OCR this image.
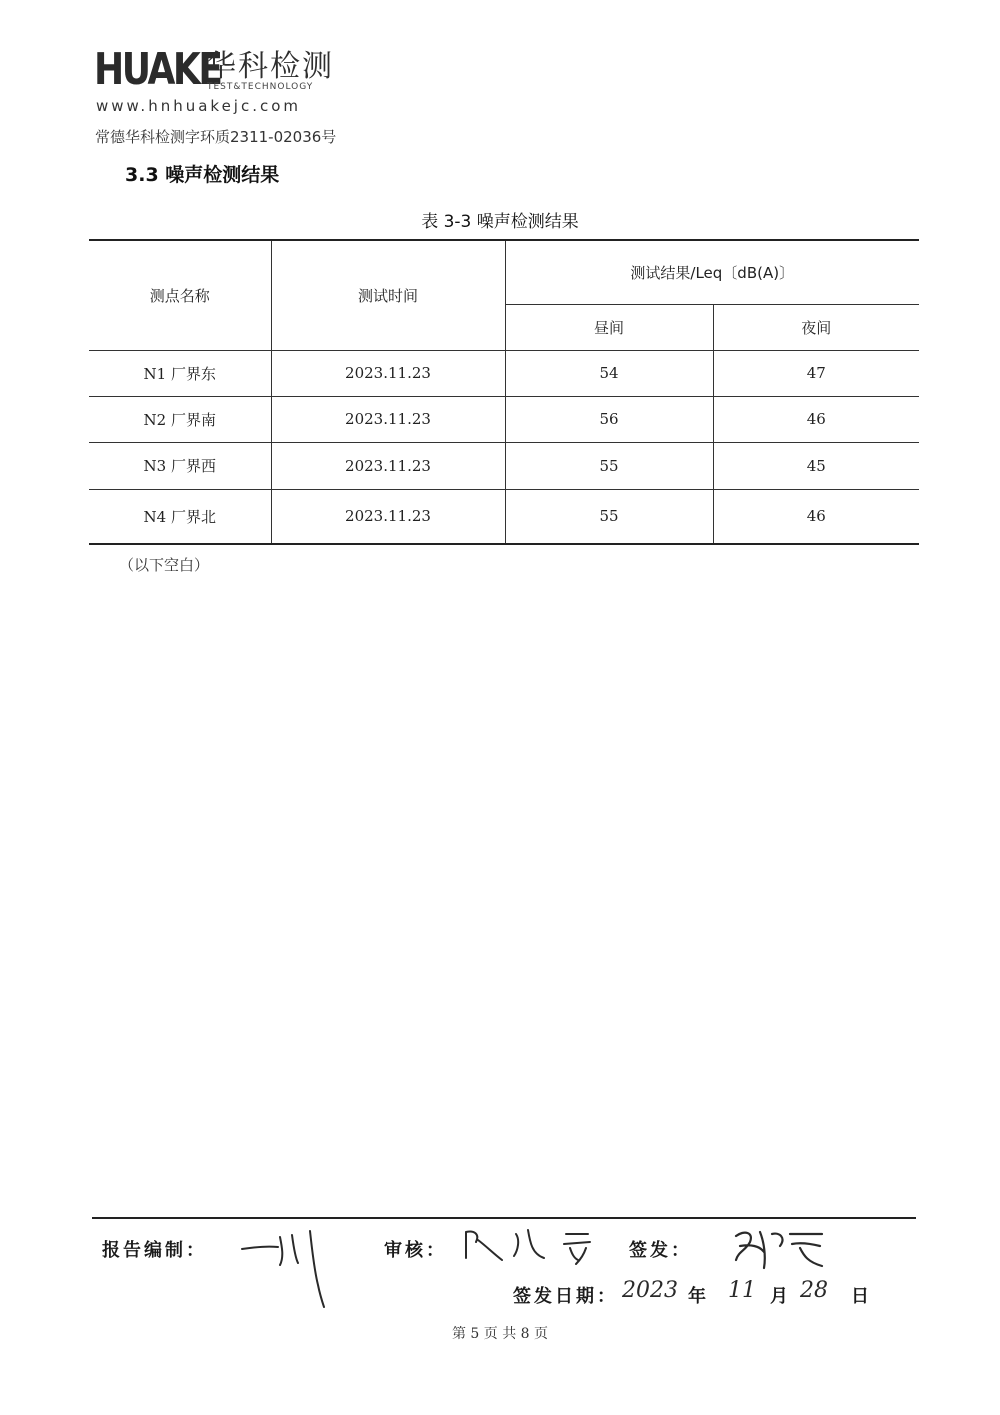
HUAKE
华科检测
TEST&TECHNOLOGY
www.hnhuakejc.com
常德华科检测字环质2311-02036号
3.3 噪声检测结果
表 3-3 噪声检测结果
测点名称	测试时间	测试结果/Leq〔dB(A)〕	
		昼间	夜间
N1 厂界东	2023.11.23	54	47
N2 厂界南	2023.11.23	56	46
N3 厂界西	2023.11.23	55	45
N4 厂界北	2023.11.23	55	46
（以下空白）
报告编制：	审核：	签发：
签发日期： 2023 年 11 月 28 日
第 5 页 共 8 页
